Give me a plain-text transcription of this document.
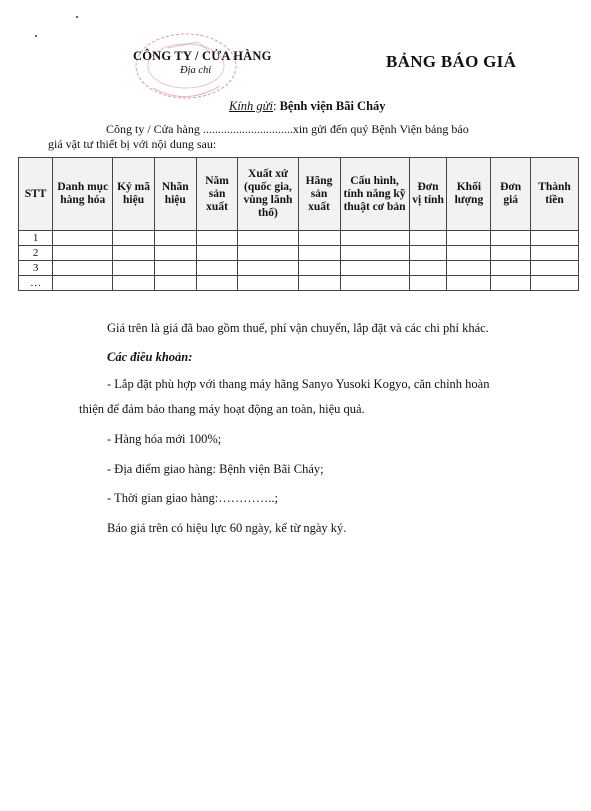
CÔNG TY / CỬA HÀNG
Địa chỉ	BẢNG BÁO GIÁ
Kính gửi: Bệnh viện Bãi Cháy
Công ty / Cửa hàng ..............................xin gửi đến quý Bệnh Viện bảng báo
giá vật tư thiết bị với nội dung sau:
STT	Danh mục hàng hóa	Ký mã hiệu	Nhãn hiệu	Năm sản xuất	Xuất xứ (quốc gia, vùng lãnh thổ)	Hãng sản xuất	Cấu hình, tính năng kỹ thuật cơ bản	Đơn vị tính	Khối lượng	Đơn giá	Thành tiền
1											
2											
3											
…											
Giá trên là giá đã bao gồm thuế, phí vận chuyển, lắp đặt và các chi phí khác.
Các điều khoản:
- Lắp đặt phù hợp với thang máy hãng Sanyo Yusoki Kogyo, căn chỉnh hoàn
thiện để đảm bảo thang máy hoạt động an toàn, hiệu quả.
- Hàng hóa mới 100%;
- Địa điểm giao hàng: Bệnh viện Bãi Cháy;
- Thời gian giao hàng:…………..;
Báo giá trên có hiệu lực 60 ngày, kể từ ngày ký.
